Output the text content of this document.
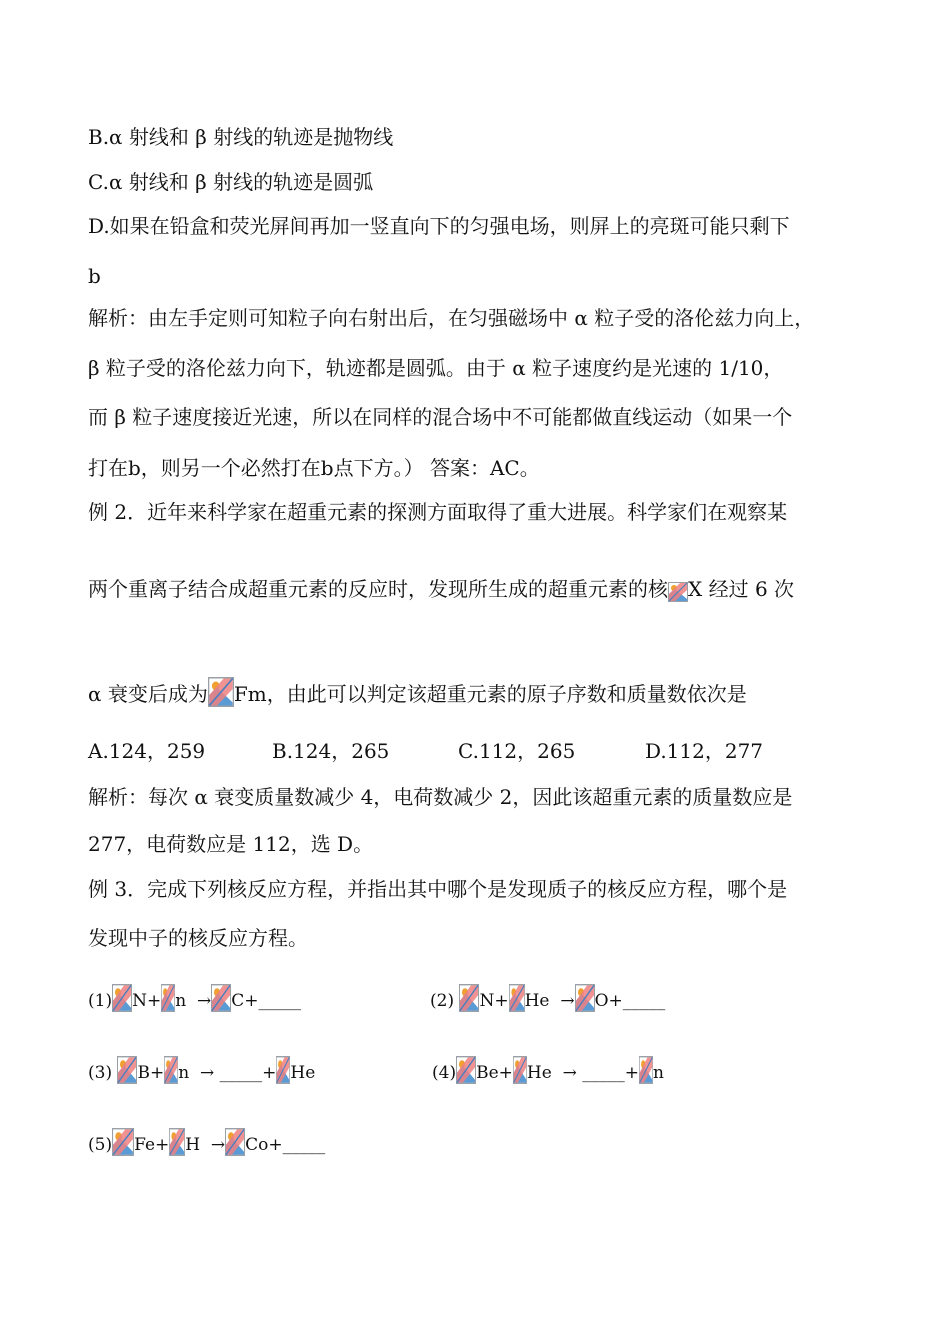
B.α 射线和 β 射线的轨迹是抛物线
C.α 射线和 β 射线的轨迹是圆弧
D.如果在铅盒和荧光屏间再加一竖直向下的匀强电场，则屏上的亮斑可能只剩下
b
解析：由左手定则可知粒子向右射出后，在匀强磁场中 α 粒子受的洛伦兹力向上，
β 粒子受的洛伦兹力向下，轨迹都是圆弧。由于 α 粒子速度约是光速的 1/10，
而 β 粒子速度接近光速，所以在同样的混合场中不可能都做直线运动（如果一个
打在b，则另一个必然打在b点下方。） 答案：AC。
例 2．近年来科学家在超重元素的探测方面取得了重大进展。科学家们在观察某
两个重离子结合成超重元素的反应时，发现所生成的超重元素的核 X 经过 6 次
α 衰变后成为 Fm，由此可以判定该超重元素的原子序数和质量数依次是
A.124，259	B.124，265	C.112，265	D.112，277
解析：每次 α 衰变质量数减少 4，电荷数减少 2，因此该超重元素的质量数应是
277，电荷数应是 112，选 D。
例 3．完成下列核反应方程，并指出其中哪个是发现质子的核反应方程，哪个是
发现中子的核反应方程。
(1) N+ n  → C+_____	(2)
N+ He  → O+_____
(3)
B+ n  → _____+ He	(4) Be+ He  → _____+ n
(5) Fe+ H  → Co+_____
